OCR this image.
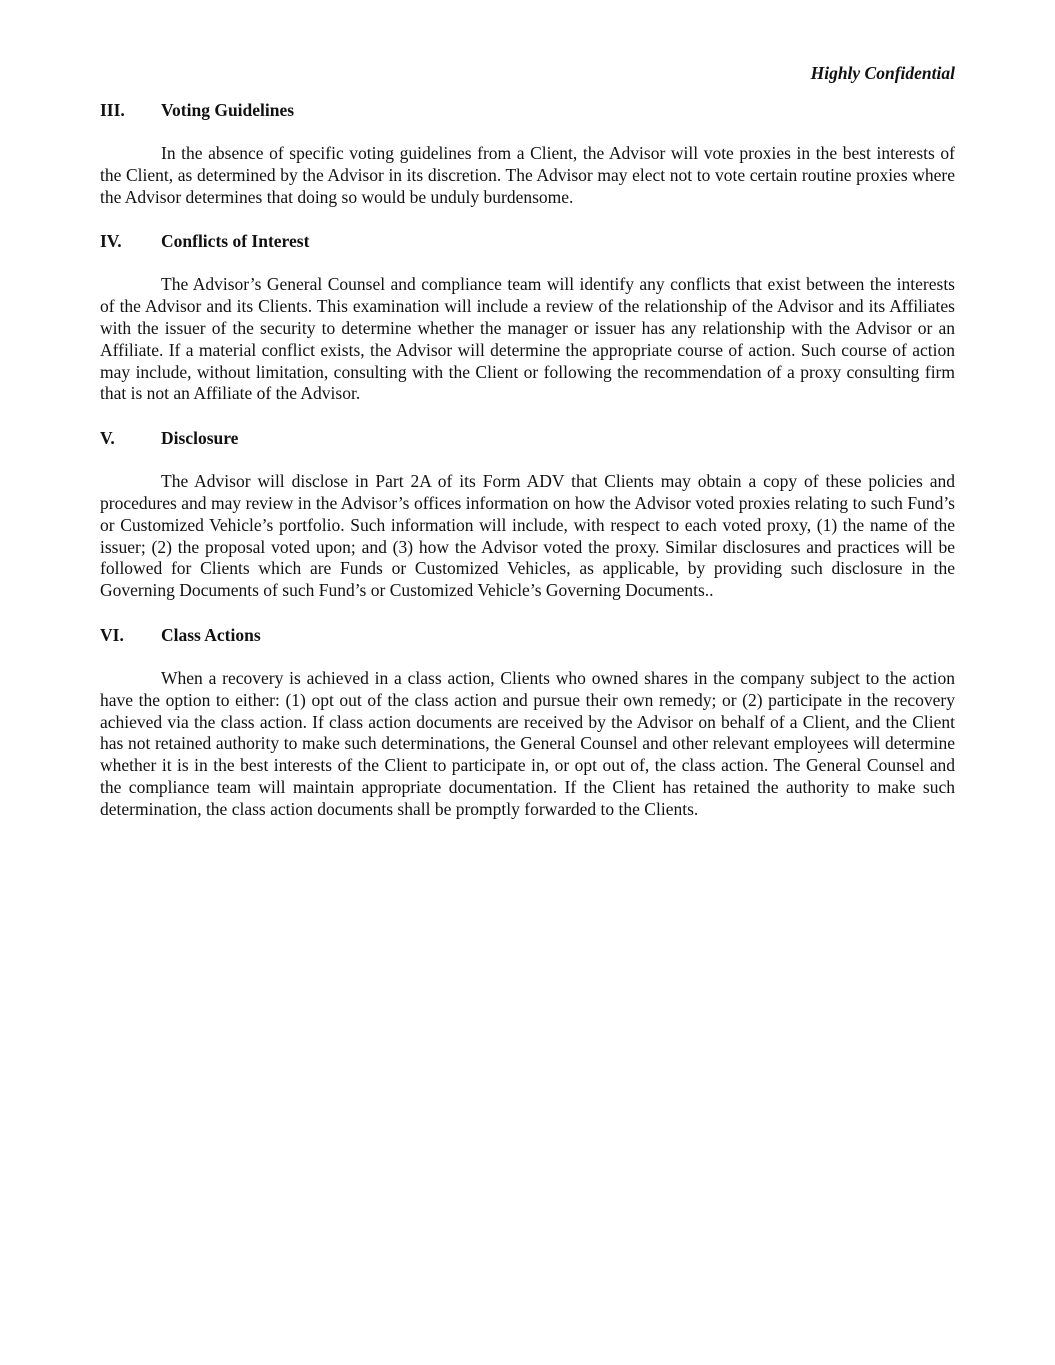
Highly Confidential

III.	Voting Guidelines

In the absence of specific voting guidelines from a Client, the Advisor will vote proxies in the best interests of the Client, as determined by the Advisor in its discretion. The Advisor may elect not to vote certain routine proxies where the Advisor determines that doing so would be unduly burdensome.

IV.	Conflicts of Interest

The Advisor’s General Counsel and compliance team will identify any conflicts that exist between the interests of the Advisor and its Clients. This examination will include a review of the relationship of the Advisor and its Affiliates with the issuer of the security to determine whether the manager or issuer has any relationship with the Advisor or an Affiliate. If a material conflict exists, the Advisor will determine the appropriate course of action. Such course of action may include, without limitation, consulting with the Client or following the recommendation of a proxy consulting firm that is not an Affiliate of the Advisor.

V.	Disclosure

The Advisor will disclose in Part 2A of its Form ADV that Clients may obtain a copy of these policies and procedures and may review in the Advisor’s offices information on how the Advisor voted proxies relating to such Fund’s or Customized Vehicle’s portfolio. Such information will include, with respect to each voted proxy, (1) the name of the issuer; (2) the proposal voted upon; and (3) how the Advisor voted the proxy. Similar disclosures and practices will be followed for Clients which are Funds or Customized Vehicles, as applicable, by providing such disclosure in the Governing Documents of such Fund’s or Customized Vehicle’s Governing Documents..

VI.	Class Actions

When a recovery is achieved in a class action, Clients who owned shares in the company subject to the action have the option to either: (1) opt out of the class action and pursue their own remedy; or (2) participate in the recovery achieved via the class action. If class action documents are received by the Advisor on behalf of a Client, and the Client has not retained authority to make such determinations, the General Counsel and other relevant employees will determine whether it is in the best interests of the Client to participate in, or opt out of, the class action. The General Counsel and the compliance team will maintain appropriate documentation. If the Client has retained the authority to make such determination, the class action documents shall be promptly forwarded to the Clients.
